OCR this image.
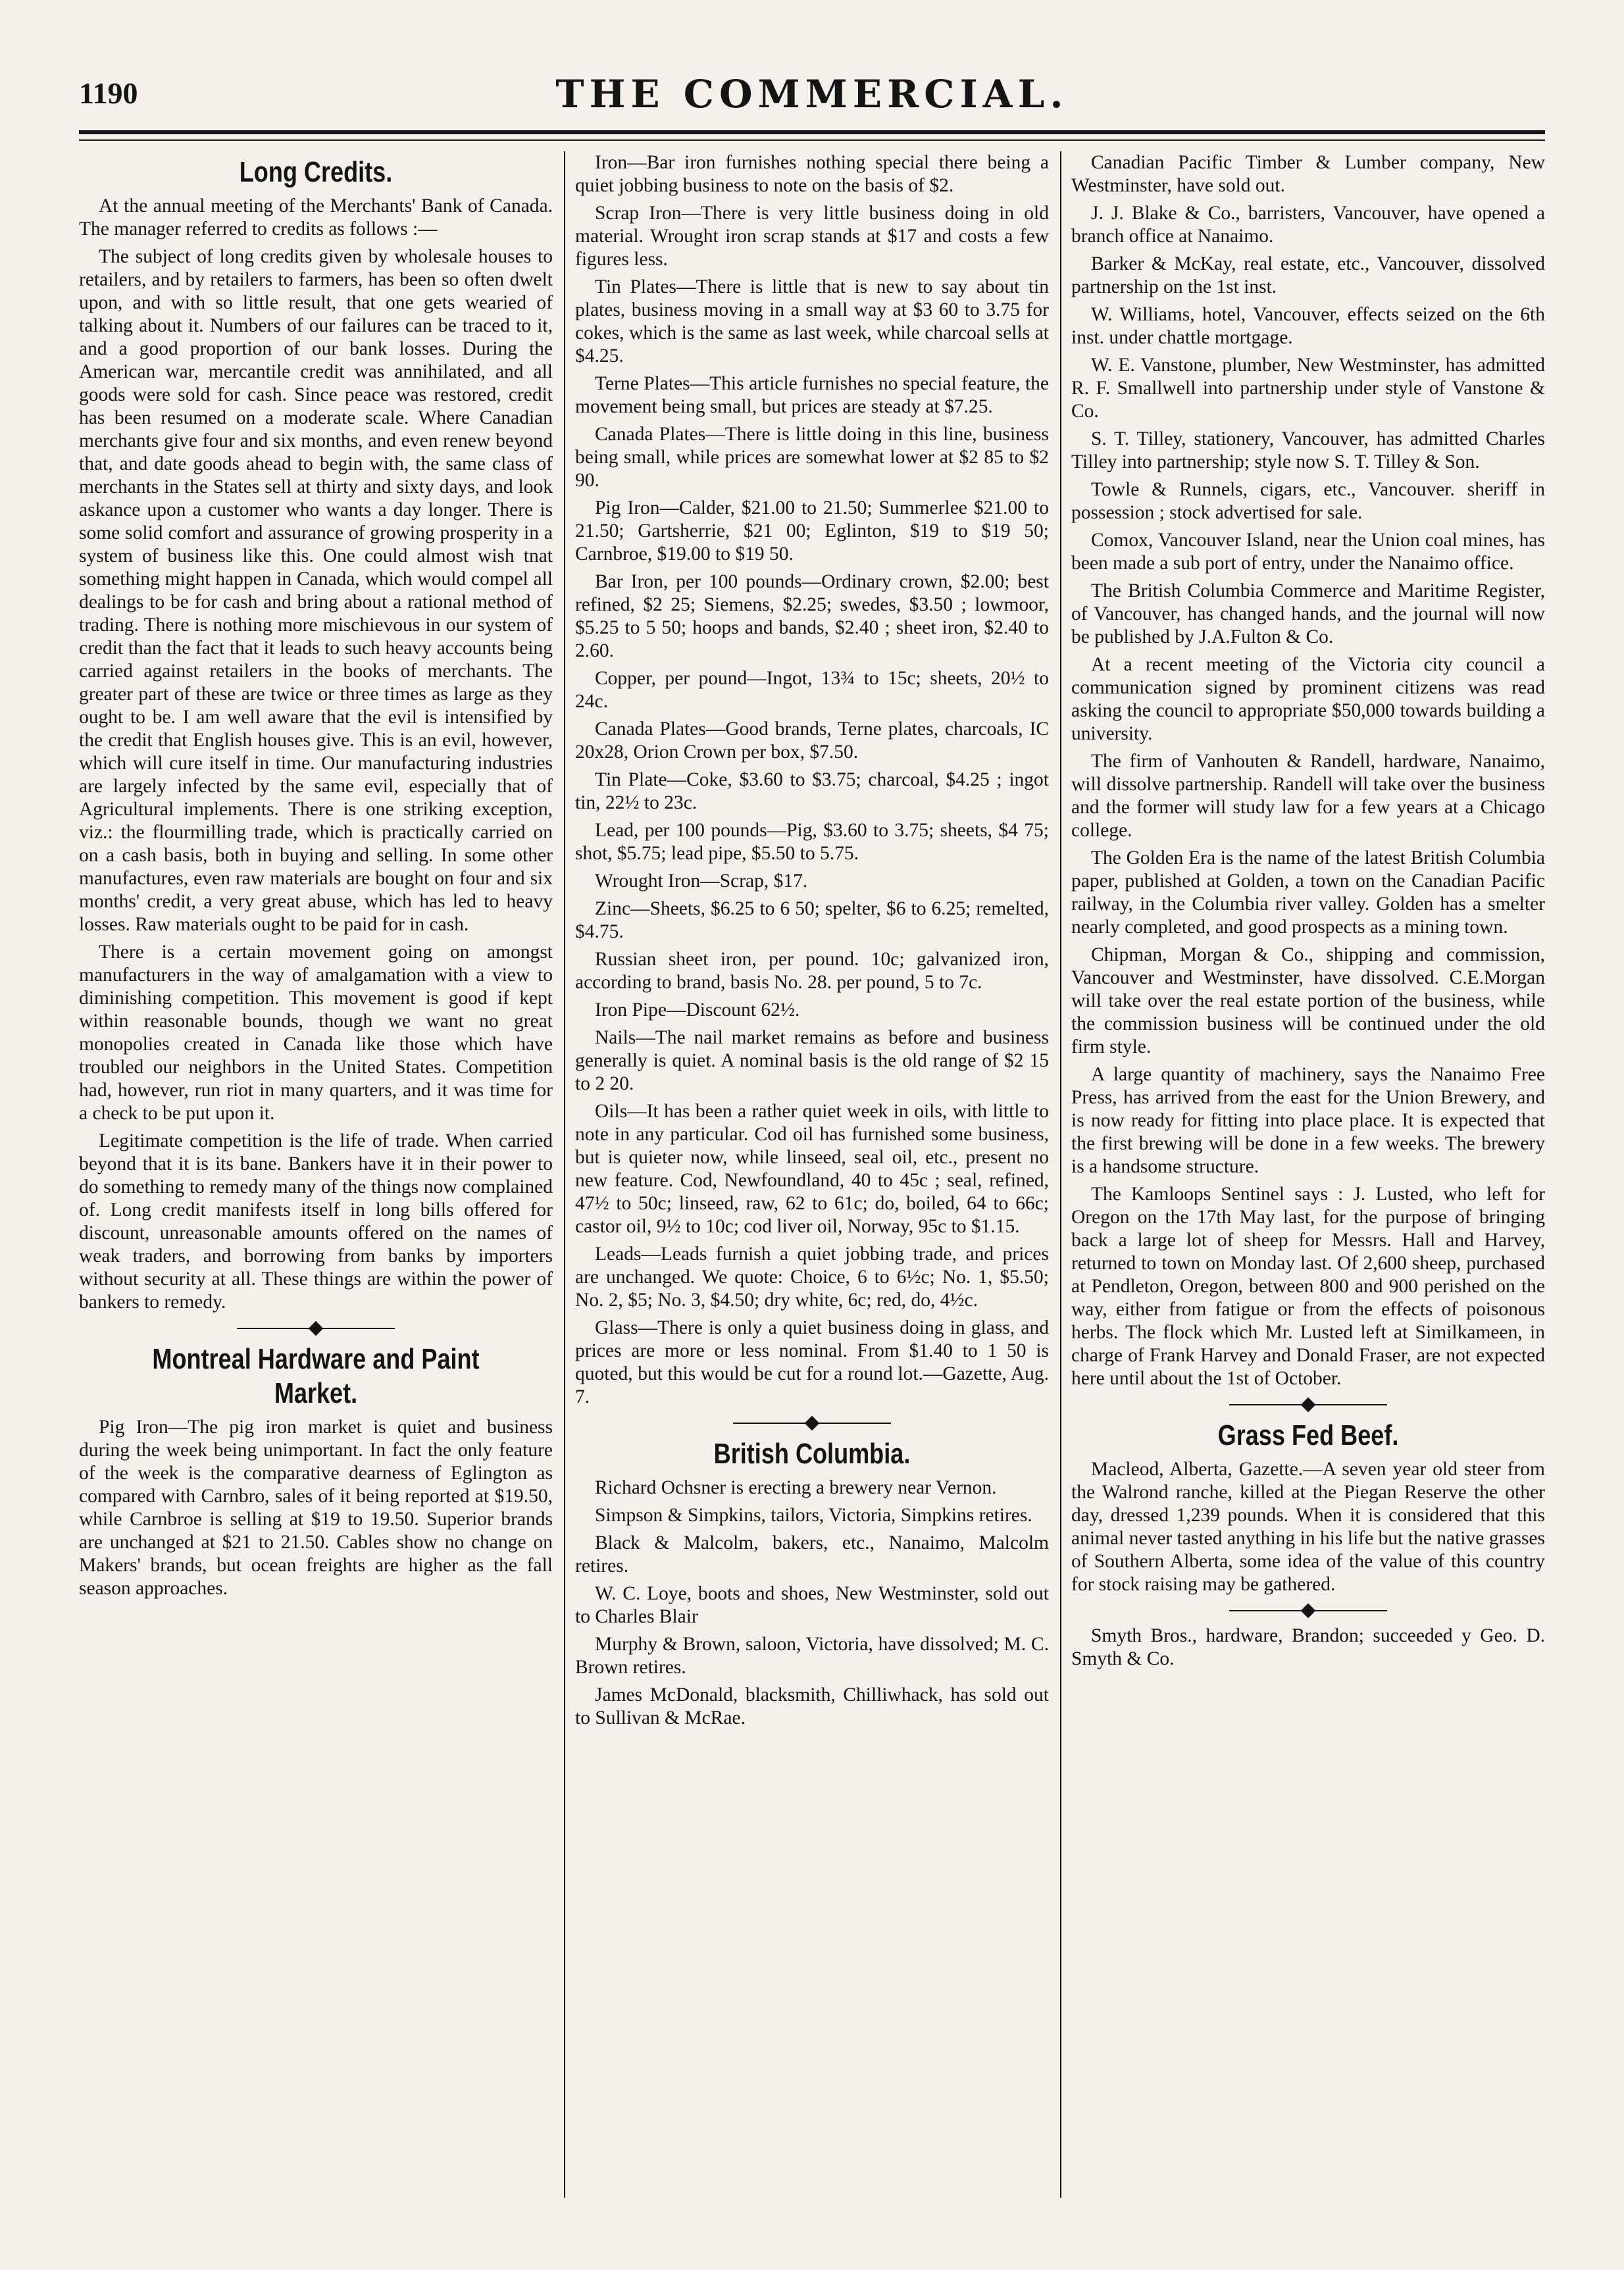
1190	THE COMMERCIAL.
Long Credits.

At the annual meeting of the Merchants' Bank of Canada. The manager referred to credits as follows :—

The subject of long credits given by wholesale houses to retailers, and by retailers to farmers, has been so often dwelt upon, and with so little result, that one gets wearied of talking about it. Numbers of our failures can be traced to it, and a good proportion of our bank losses. During the American war, mercantile credit was annihilated, and all goods were sold for cash. Since peace was restored, credit has been resumed on a moderate scale. Where Canadian merchants give four and six months, and even renew beyond that, and date goods ahead to begin with, the same class of merchants in the States sell at thirty and sixty days, and look askance upon a customer who wants a day longer. There is some solid comfort and assurance of growing prosperity in a system of business like this. One could almost wish tnat something might happen in Canada, which would compel all dealings to be for cash and bring about a rational method of trading. There is nothing more mischievous in our system of credit than the fact that it leads to such heavy accounts being carried against retailers in the books of merchants. The greater part of these are twice or three times as large as they ought to be. I am well aware that the evil is intensified by the credit that English houses give. This is an evil, however, which will cure itself in time. Our manufacturing industries are largely infected by the same evil, especially that of Agricultural implements. There is one striking exception, viz.: the flourmilling trade, which is practically carried on on a cash basis, both in buying and selling. In some other manufactures, even raw materials are bought on four and six months' credit, a very great abuse, which has led to heavy losses. Raw materials ought to be paid for in cash.

There is a certain movement going on amongst manufacturers in the way of amalgamation with a view to diminishing competition. This movement is good if kept within reasonable bounds, though we want no great monopolies created in Canada like those which have troubled our neighbors in the United States. Competition had, however, run riot in many quarters, and it was time for a check to be put upon it.

Legitimate competition is the life of trade. When carried beyond that it is its bane. Bankers have it in their power to do something to remedy many of the things now complained of. Long credit manifests itself in long bills offered for discount, unreasonable amounts offered on the names of weak traders, and borrowing from banks by importers without security at all. These things are within the power of bankers to remedy.

Montreal Hardware and Paint Market.

Pig Iron—The pig iron market is quiet and business during the week being unimportant. In fact the only feature of the week is the comparative dearness of Eglington as compared with Carnbro, sales of it being reported at $19.50, while Carnbroe is selling at $19 to 19.50. Superior brands are unchanged at $21 to 21.50. Cables show no change on Makers' brands, but ocean freights are higher as the fall season approaches.

Iron—Bar iron furnishes nothing special there being a quiet jobbing business to note on the basis of $2.

Scrap Iron—There is very little business doing in old material. Wrought iron scrap stands at $17 and costs a few figures less.

Tin Plates—There is little that is new to say about tin plates, business moving in a small way at $3 60 to 3.75 for cokes, which is the same as last week, while charcoal sells at $4.25.

Terne Plates—This article furnishes no special feature, the movement being small, but prices are steady at $7.25.

Canada Plates—There is little doing in this line, business being small, while prices are somewhat lower at $2 85 to $2 90.

Pig Iron—Calder, $21.00 to 21.50; Summerlee $21.00 to 21.50; Gartsherrie, $21 00; Eglinton, $19 to $19 50; Carnbroe, $19.00 to $19 50.

Bar Iron, per 100 pounds—Ordinary crown, $2.00; best refined, $2 25; Siemens, $2.25; swedes, $3.50 ; lowmoor, $5.25 to 5 50; hoops and bands, $2.40 ; sheet iron, $2.40 to 2.60.

Copper, per pound—Ingot, 13¾ to 15c; sheets, 20½ to 24c.

Canada Plates—Good brands, Terne plates, charcoals, IC 20x28, Orion Crown per box, $7.50.

Tin Plate—Coke, $3.60 to $3.75; charcoal, $4.25 ; ingot tin, 22½ to 23c.

Lead, per 100 pounds—Pig, $3.60 to 3.75; sheets, $4 75; shot, $5.75; lead pipe, $5.50 to 5.75.

Wrought Iron—Scrap, $17.

Zinc—Sheets, $6.25 to 6 50; spelter, $6 to 6.25; remelted, $4.75.

Russian sheet iron, per pound. 10c; galvanized iron, according to brand, basis No. 28. per pound, 5 to 7c.

Iron Pipe—Discount 62½.

Nails—The nail market remains as before and business generally is quiet. A nominal basis is the old range of $2 15 to 2 20.

Oils—It has been a rather quiet week in oils, with little to note in any particular. Cod oil has furnished some business, but is quieter now, while linseed, seal oil, etc., present no new feature. Cod, Newfoundland, 40 to 45c ; seal, refined, 47½ to 50c; linseed, raw, 62 to 61c; do, boiled, 64 to 66c; castor oil, 9½ to 10c; cod liver oil, Norway, 95c to $1.15.

Leads—Leads furnish a quiet jobbing trade, and prices are unchanged. We quote: Choice, 6 to 6½c; No. 1, $5.50; No. 2, $5; No. 3, $4.50; dry white, 6c; red, do, 4½c.

Glass—There is only a quiet business doing in glass, and prices are more or less nominal. From $1.40 to 1 50 is quoted, but this would be cut for a round lot.—Gazette, Aug. 7.

British Columbia.

Richard Ochsner is erecting a brewery near Vernon.

Simpson & Simpkins, tailors, Victoria, Simpkins retires.

Black & Malcolm, bakers, etc., Nanaimo, Malcolm retires.

W. C. Loye, boots and shoes, New Westminster, sold out to Charles Blair

Murphy & Brown, saloon, Victoria, have dissolved; M. C. Brown retires.

James McDonald, blacksmith, Chilliwhack, has sold out to Sullivan & McRae.

Canadian Pacific Timber & Lumber company, New Westminster, have sold out.

J. J. Blake & Co., barristers, Vancouver, have opened a branch office at Nanaimo.

Barker & McKay, real estate, etc., Vancouver, dissolved partnership on the 1st inst.

W. Williams, hotel, Vancouver, effects seized on the 6th inst. under chattle mortgage.

W. E. Vanstone, plumber, New Westminster, has admitted R. F. Smallwell into partnership under style of Vanstone & Co.

S. T. Tilley, stationery, Vancouver, has admitted Charles Tilley into partnership; style now S. T. Tilley & Son.

Towle & Runnels, cigars, etc., Vancouver. sheriff in possession ; stock advertised for sale.

Comox, Vancouver Island, near the Union coal mines, has been made a sub port of entry, under the Nanaimo office.

The British Columbia Commerce and Maritime Register, of Vancouver, has changed hands, and the journal will now be published by J.A.Fulton & Co.

At a recent meeting of the Victoria city council a communication signed by prominent citizens was read asking the council to appropriate $50,000 towards building a university.

The firm of Vanhouten & Randell, hardware, Nanaimo, will dissolve partnership. Randell will take over the business and the former will study law for a few years at a Chicago college.

The Golden Era is the name of the latest British Columbia paper, published at Golden, a town on the Canadian Pacific railway, in the Columbia river valley. Golden has a smelter nearly completed, and good prospects as a mining town.

Chipman, Morgan & Co., shipping and commission, Vancouver and Westminster, have dissolved. C.E.Morgan will take over the real estate portion of the business, while the commission business will be continued under the old firm style.

A large quantity of machinery, says the Nanaimo Free Press, has arrived from the east for the Union Brewery, and is now ready for fitting into place place. It is expected that the first brewing will be done in a few weeks. The brewery is a handsome structure.

The Kamloops Sentinel says : J. Lusted, who left for Oregon on the 17th May last, for the purpose of bringing back a large lot of sheep for Messrs. Hall and Harvey, returned to town on Monday last. Of 2,600 sheep, purchased at Pendleton, Oregon, between 800 and 900 perished on the way, either from fatigue or from the effects of poisonous herbs. The flock which Mr. Lusted left at Similkameen, in charge of Frank Harvey and Donald Fraser, are not expected here until about the 1st of October.

Grass Fed Beef.

Macleod, Alberta, Gazette.—A seven year old steer from the Walrond ranche, killed at the Piegan Reserve the other day, dressed 1,239 pounds. When it is considered that this animal never tasted anything in his life but the native grasses of Southern Alberta, some idea of the value of this country for stock raising may be gathered.

Smyth Bros., hardware, Brandon; succeeded y Geo. D. Smyth & Co.
